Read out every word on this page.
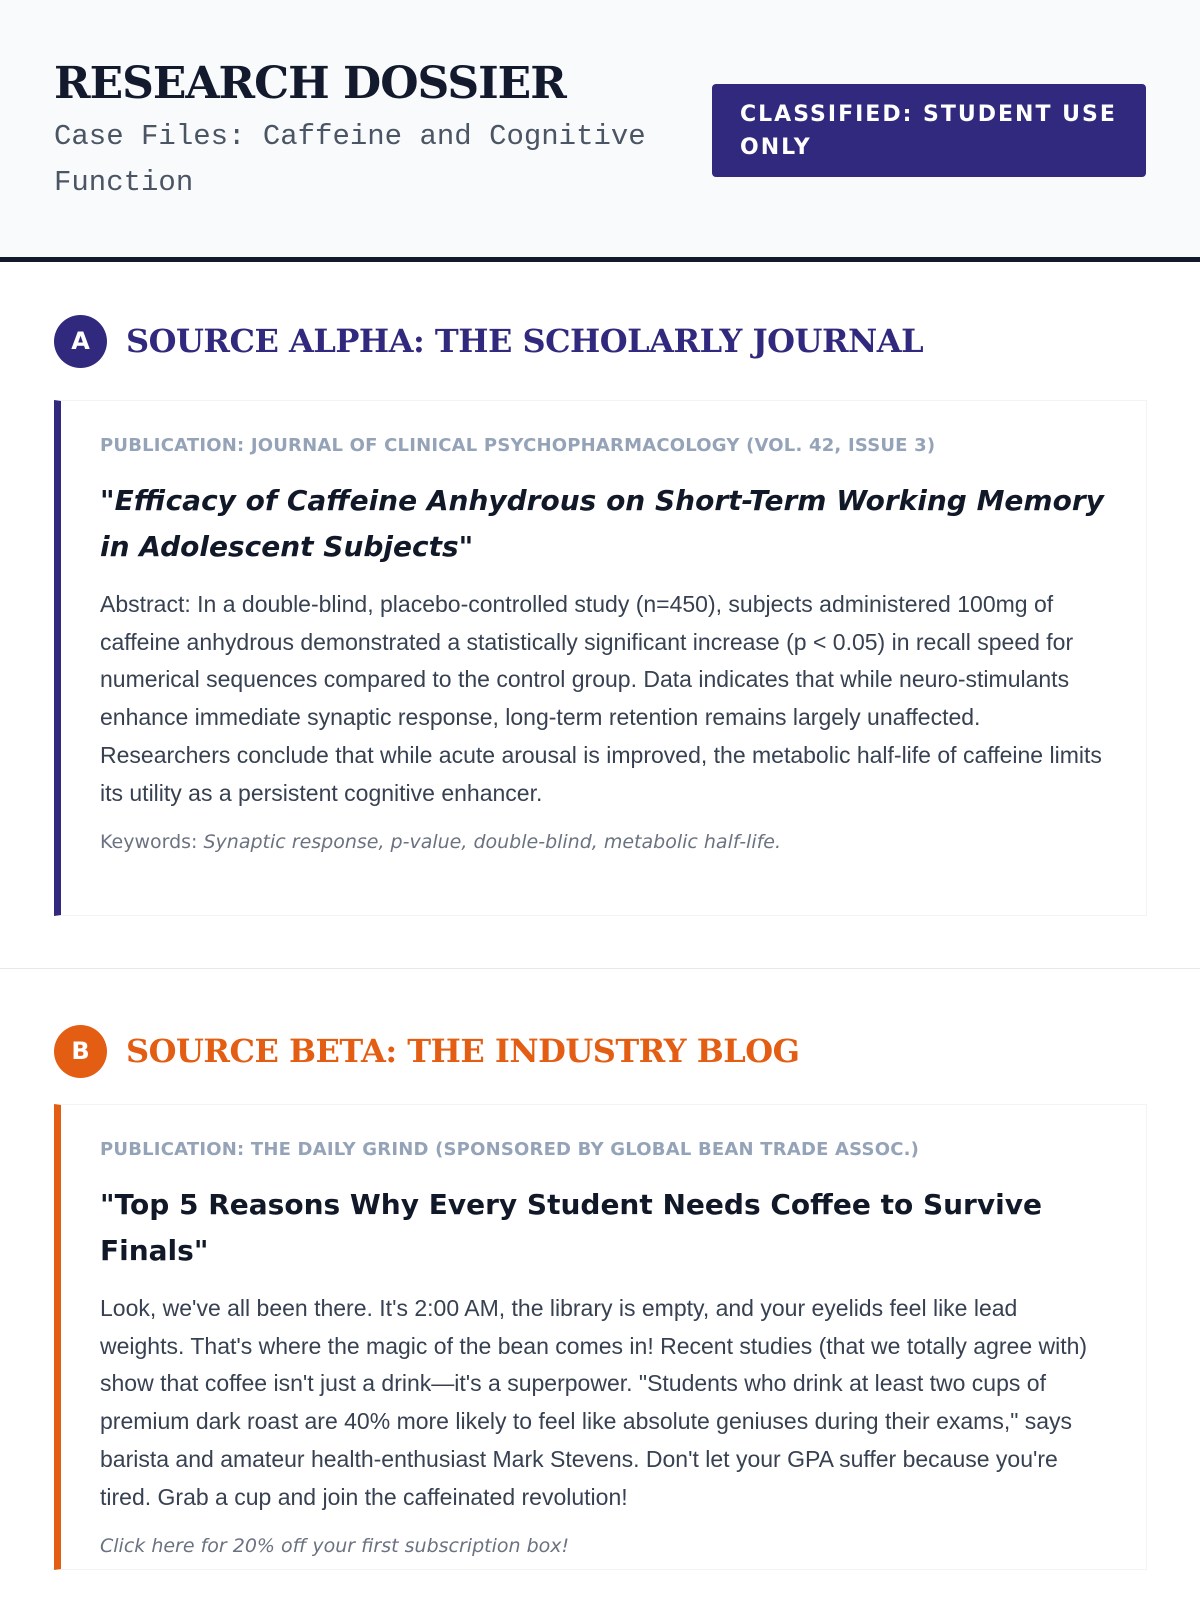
RESEARCH DOSSIER

Case Files: Caffeine and Cognitive Function

CLASSIFIED: STUDENT USE ONLY
A	SOURCE ALPHA: THE SCHOLARLY JOURNAL
PUBLICATION: JOURNAL OF CLINICAL PSYCHOPHARMACOLOGY (VOL. 42, ISSUE 3)
"Efficacy of Caffeine Anhydrous on Short-Term Working Memory in Adolescent Subjects"
Abstract: In a double-blind, placebo-controlled study (n=450), subjects administered 100mg of caffeine anhydrous demonstrated a statistically significant increase (p < 0.05) in recall speed for numerical sequences compared to the control group. Data indicates that while neuro-stimulants enhance immediate synaptic response, long-term retention remains largely unaffected. Researchers conclude that while acute arousal is improved, the metabolic half-life of caffeine limits its utility as a persistent cognitive enhancer.
Keywords: Synaptic response, p-value, double-blind, metabolic half-life.
B	SOURCE BETA: THE INDUSTRY BLOG
PUBLICATION: THE DAILY GRIND (SPONSORED BY GLOBAL BEAN TRADE ASSOC.)
"Top 5 Reasons Why Every Student Needs Coffee to Survive Finals"
Look, we've all been there. It's 2:00 AM, the library is empty, and your eyelids feel like lead weights. That's where the magic of the bean comes in! Recent studies (that we totally agree with) show that coffee isn't just a drink—it's a superpower. "Students who drink at least two cups of premium dark roast are 40% more likely to feel like absolute geniuses during their exams," says barista and amateur health-enthusiast Mark Stevens. Don't let your GPA suffer because you're tired. Grab a cup and join the caffeinated revolution!
Click here for 20% off your first subscription box!
